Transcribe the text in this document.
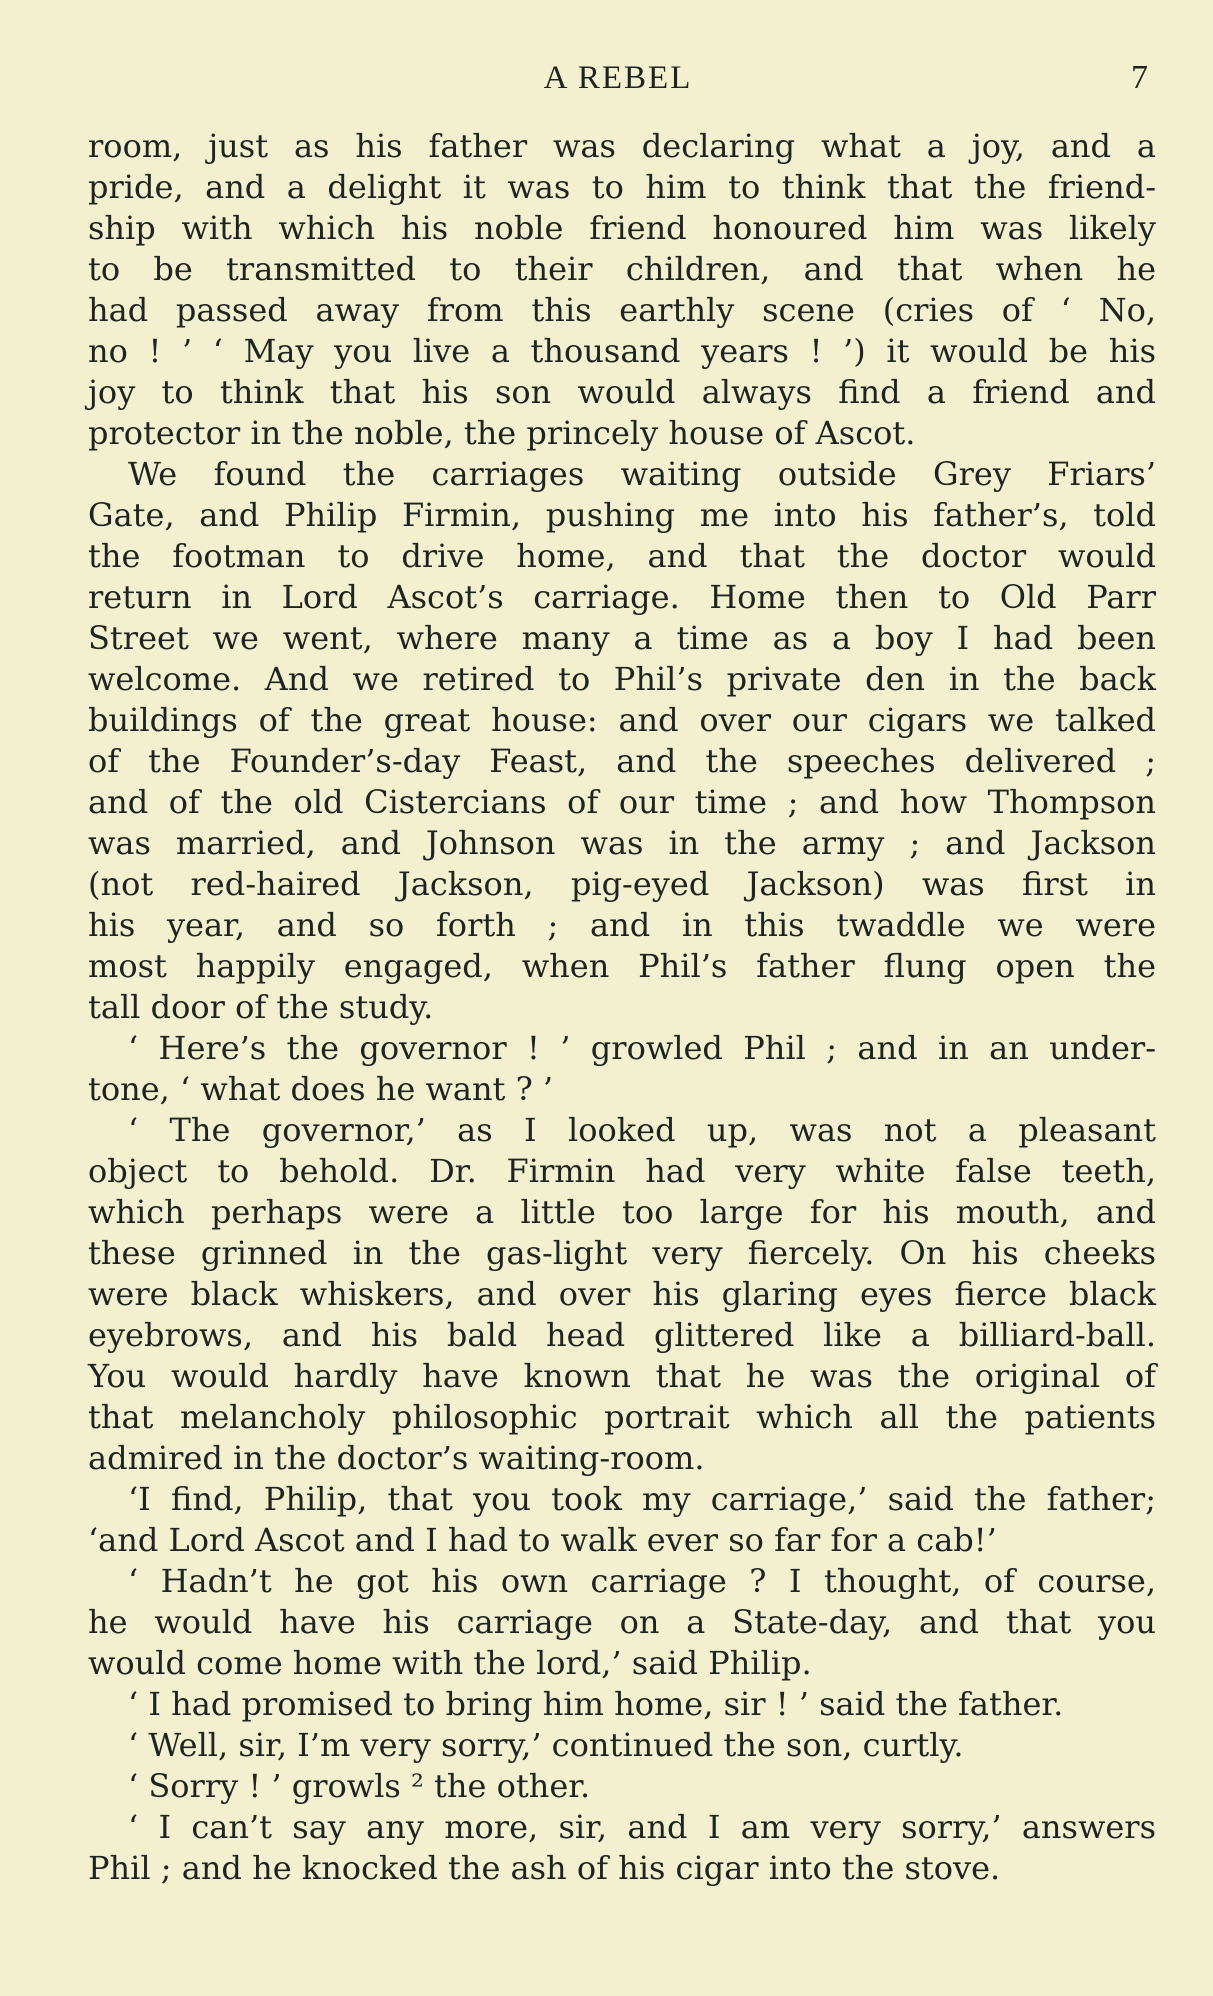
A REBEL	7
room, just as his father was declaring what a joy, and a
pride, and a delight it was to him to think that the friend-
ship with which his noble friend honoured him was likely
to be transmitted to their children, and that when he
had passed away from this earthly scene (cries of ‘ No,
no ! ’ ‘ May you live a thousand years ! ’) it would be his
joy to think that his son would always find a friend and
protector in the noble, the princely house of Ascot.
We found the carriages waiting outside Grey Friars’
Gate, and Philip Firmin, pushing me into his father’s, told
the footman to drive home, and that the doctor would
return in Lord Ascot’s carriage. Home then to Old Parr
Street we went, where many a time as a boy I had been
welcome. And we retired to Phil’s private den in the back
buildings of the great house: and over our cigars we talked
of the Founder’s-day Feast, and the speeches delivered ;
and of the old Cistercians of our time ; and how Thompson
was married, and Johnson was in the army ; and Jackson
(not red-haired Jackson, pig-eyed Jackson) was first in
his year, and so forth ; and in this twaddle we were
most happily engaged, when Phil’s father flung open the
tall door of the study.
‘ Here’s the governor ! ’ growled Phil ; and in an under-
tone, ‘ what does he want ? ’
‘ The governor,’ as I looked up, was not a pleasant
object to behold. Dr. Firmin had very white false teeth,
which perhaps were a little too large for his mouth, and
these grinned in the gas-light very fiercely. On his cheeks
were black whiskers, and over his glaring eyes fierce black
eyebrows, and his bald head glittered like a billiard-ball.
You would hardly have known that he was the original of
that melancholy philosophic portrait which all the patients
admired in the doctor’s waiting-room.
‘I find, Philip, that you took my carriage,’ said the father;
‘and Lord Ascot and I had to walk ever so far for a cab!’
‘ Hadn’t he got his own carriage ? I thought, of course,
he would have his carriage on a State-day, and that you
would come home with the lord,’ said Philip.
‘ I had promised to bring him home, sir ! ’ said the father.
‘ Well, sir, I’m very sorry,’ continued the son, curtly.
‘ Sorry ! ’ growls ² the other.
‘ I can’t say any more, sir, and I am very sorry,’ answers
Phil ; and he knocked the ash of his cigar into the stove.
